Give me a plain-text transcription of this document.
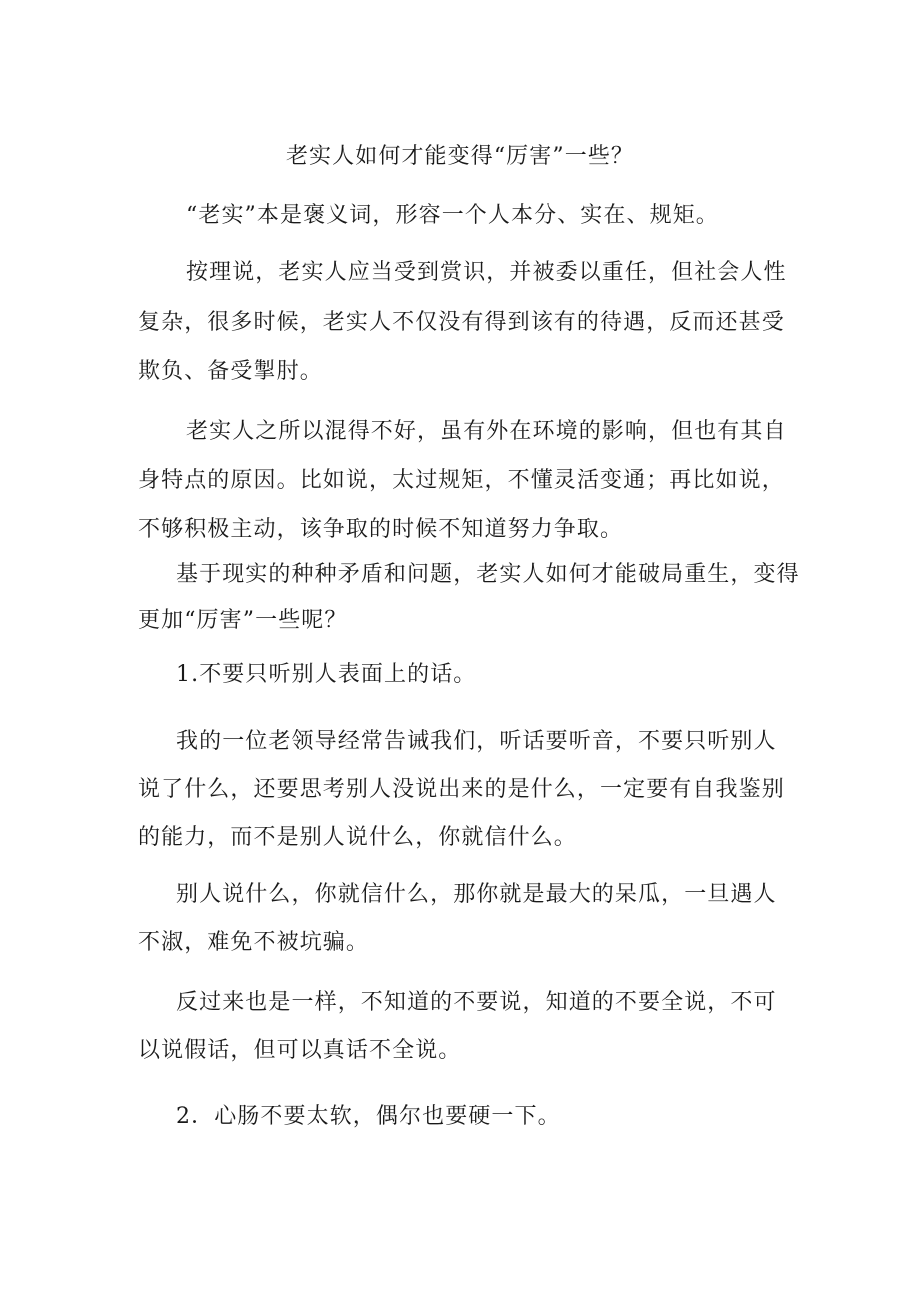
老实人如何才能变得“厉害”一些？
“老实”本是褒义词，形容一个人本分、实在、规矩。
按理说，老实人应当受到赏识，并被委以重任，但社会人性
复杂，很多时候，老实人不仅没有得到该有的待遇，反而还甚受
欺负、备受掣肘。
老实人之所以混得不好，虽有外在环境的影响，但也有其自
身特点的原因。比如说，太过规矩，不懂灵活变通；再比如说，
不够积极主动，该争取的时候不知道努力争取。
基于现实的种种矛盾和问题，老实人如何才能破局重生，变得
更加“厉害”一些呢？
1.不要只听别人表面上的话。
我的一位老领导经常告诫我们，听话要听音，不要只听别人
说了什么，还要思考别人没说出来的是什么，一定要有自我鉴别
的能力，而不是别人说什么，你就信什么。
别人说什么，你就信什么，那你就是最大的呆瓜，一旦遇人
不淑，难免不被坑骗。
反过来也是一样，不知道的不要说，知道的不要全说，不可
以说假话，但可以真话不全说。
2．心肠不要太软，偶尔也要硬一下。
